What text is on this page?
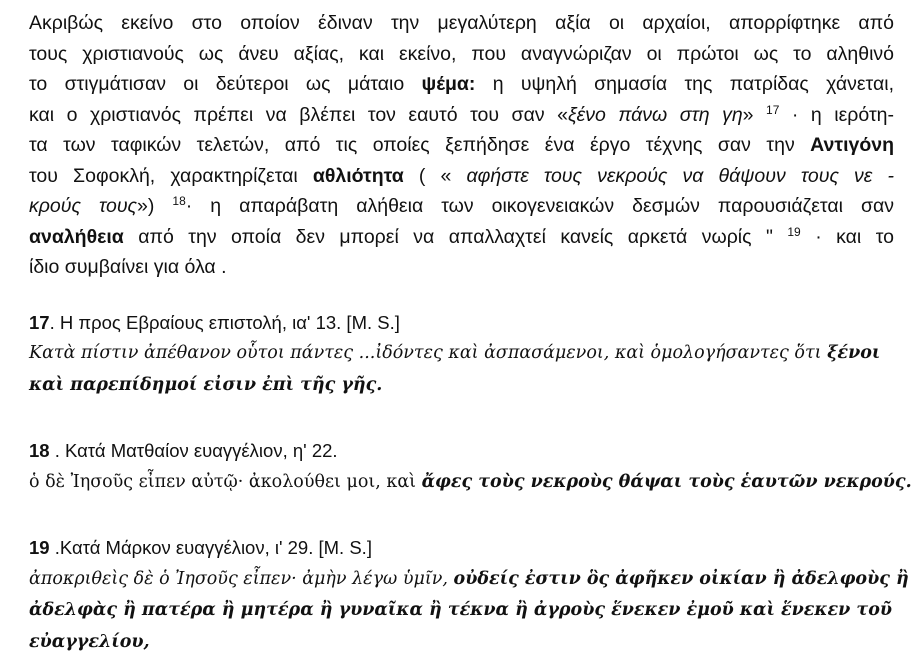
Ακριβώς εκείνο στο οποίον έδιναν την μεγαλύτερη αξία οι αρχαίοι, απορρίφτηκε από
τους χριστιανούς ως άνευ αξίας, και εκείνο, που αναγνώριζαν οι πρώτοι ως το αληθινό
το στιγμάτισαν οι δεύτεροι ως μάταιο ψέμα: η υψηλή σημασία της πατρίδας χάνεται,
και ο χριστιανός πρέπει να βλέπει τον εαυτό του σαν «ξένο πάνω στη γη» $^{17}$ · η ιερότη-
τα των ταφικών τελετών, από τις οποίες ξεπήδησε ένα έργο τέχνης σαν την Αντιγόνη
του Σοφοκλή, χαρακτηρίζεται αθλιότητα ( « αφήστε τους νεκρούς να θάψουν τους νε -
κρούς τους») $^{18}$· η απαράβατη αλήθεια των οικογενειακών δεσμών παρουσιάζεται σαν
αναλήθεια από την οποία δεν μπορεί να απαλλαχτεί κανείς αρκετά νωρίς " $^{19}$ · και το
ίδιο συμβαίνει για όλα .

17. Η προς Εβραίους επιστολή, ια' 13. [M. S.]
Κατὰ πίστιν ἀπέθανον οὗτοι πάντες ...ἰδόντες καὶ ἀσπασάμενοι, καὶ ὁμολογήσαντες ὅτι ξένοι
καὶ παρεπίδημοί εἰσιν ἐπὶ τῆς γῆς.
18 . Κατά Ματθαίον ευαγγέλιον, η' 22.
ὁ δὲ Ἰησοῦς εἶπεν αὐτῷ· ἀκολούθει μοι, καὶ ἄφες τοὺς νεκροὺς θάψαι τοὺς ἑαυτῶν νεκρούς.
19 .Κατά Μάρκον ευαγγέλιον, ι' 29. [M. S.]
ἀποκριθεὶς δὲ ὁ Ἰησοῦς εἶπεν· ἀμὴν λέγω ὑμῖν, οὐδείς ἐστιν ὃς ἀφῆκεν οἰκίαν ἢ ἀδελφοὺς ἢ
ἀδελφὰς ἢ πατέρα ἢ μητέρα ἢ γυναῖκα ἢ τέκνα ἢ ἀγροὺς ἕνεκεν ἐμοῦ καὶ ἕνεκεν τοῦ
εὐαγγελίου,
